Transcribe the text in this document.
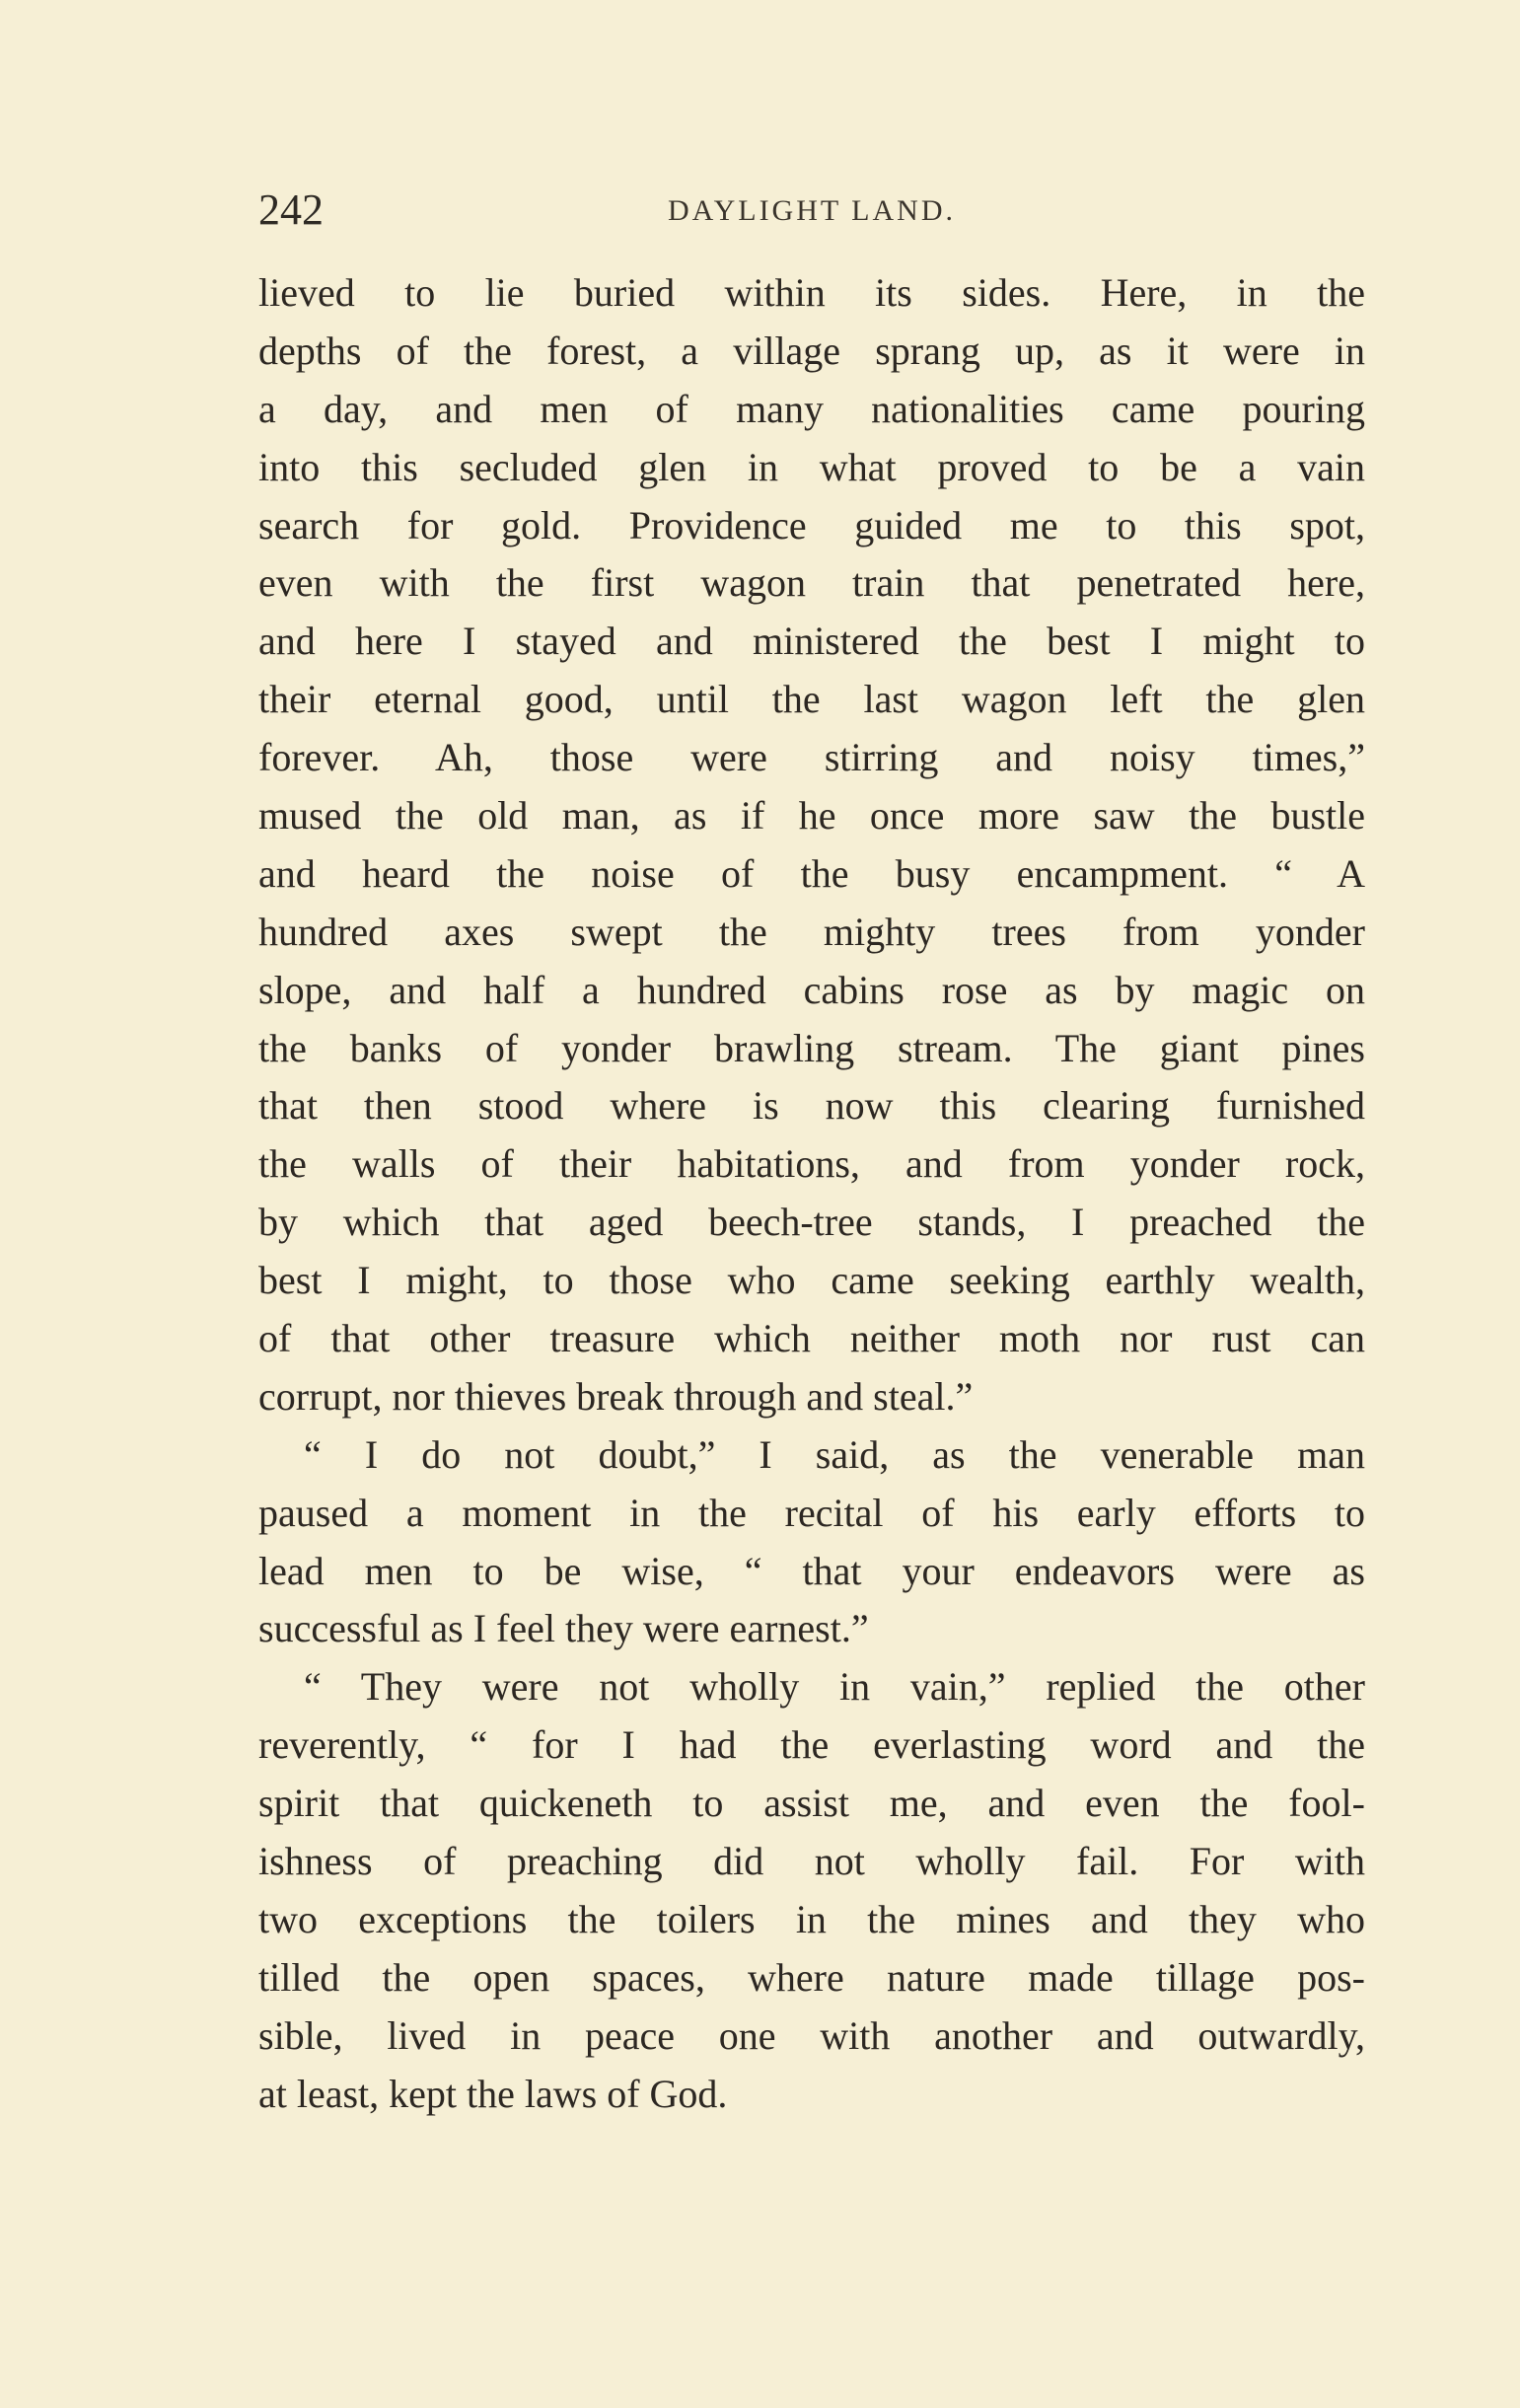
242	DAYLIGHT LAND.
lieved to lie buried within its sides. Here, in the
depths of the forest, a village sprang up, as it were in
a day, and men of many nationalities came pouring
into this secluded glen in what proved to be a vain
search for gold. Providence guided me to this spot,
even with the first wagon train that penetrated here,
and here I stayed and ministered the best I might to
their eternal good, until the last wagon left the glen
forever. Ah, those were stirring and noisy times,”
mused the old man, as if he once more saw the bustle
and heard the noise of the busy encampment. “ A
hundred axes swept the mighty trees from yonder
slope, and half a hundred cabins rose as by magic on
the banks of yonder brawling stream. The giant pines
that then stood where is now this clearing furnished
the walls of their habitations, and from yonder rock,
by which that aged beech-tree stands, I preached the
best I might, to those who came seeking earthly wealth,
of that other treasure which neither moth nor rust can
corrupt, nor thieves break through and steal.”
“ I do not doubt,” I said, as the venerable man
paused a moment in the recital of his early efforts to
lead men to be wise, “ that your endeavors were as
successful as I feel they were earnest.”
“ They were not wholly in vain,” replied the other
reverently, “ for I had the everlasting word and the
spirit that quickeneth to assist me, and even the fool-
ishness of preaching did not wholly fail. For with
two exceptions the toilers in the mines and they who
tilled the open spaces, where nature made tillage pos-
sible, lived in peace one with another and outwardly,
at least, kept the laws of God.
